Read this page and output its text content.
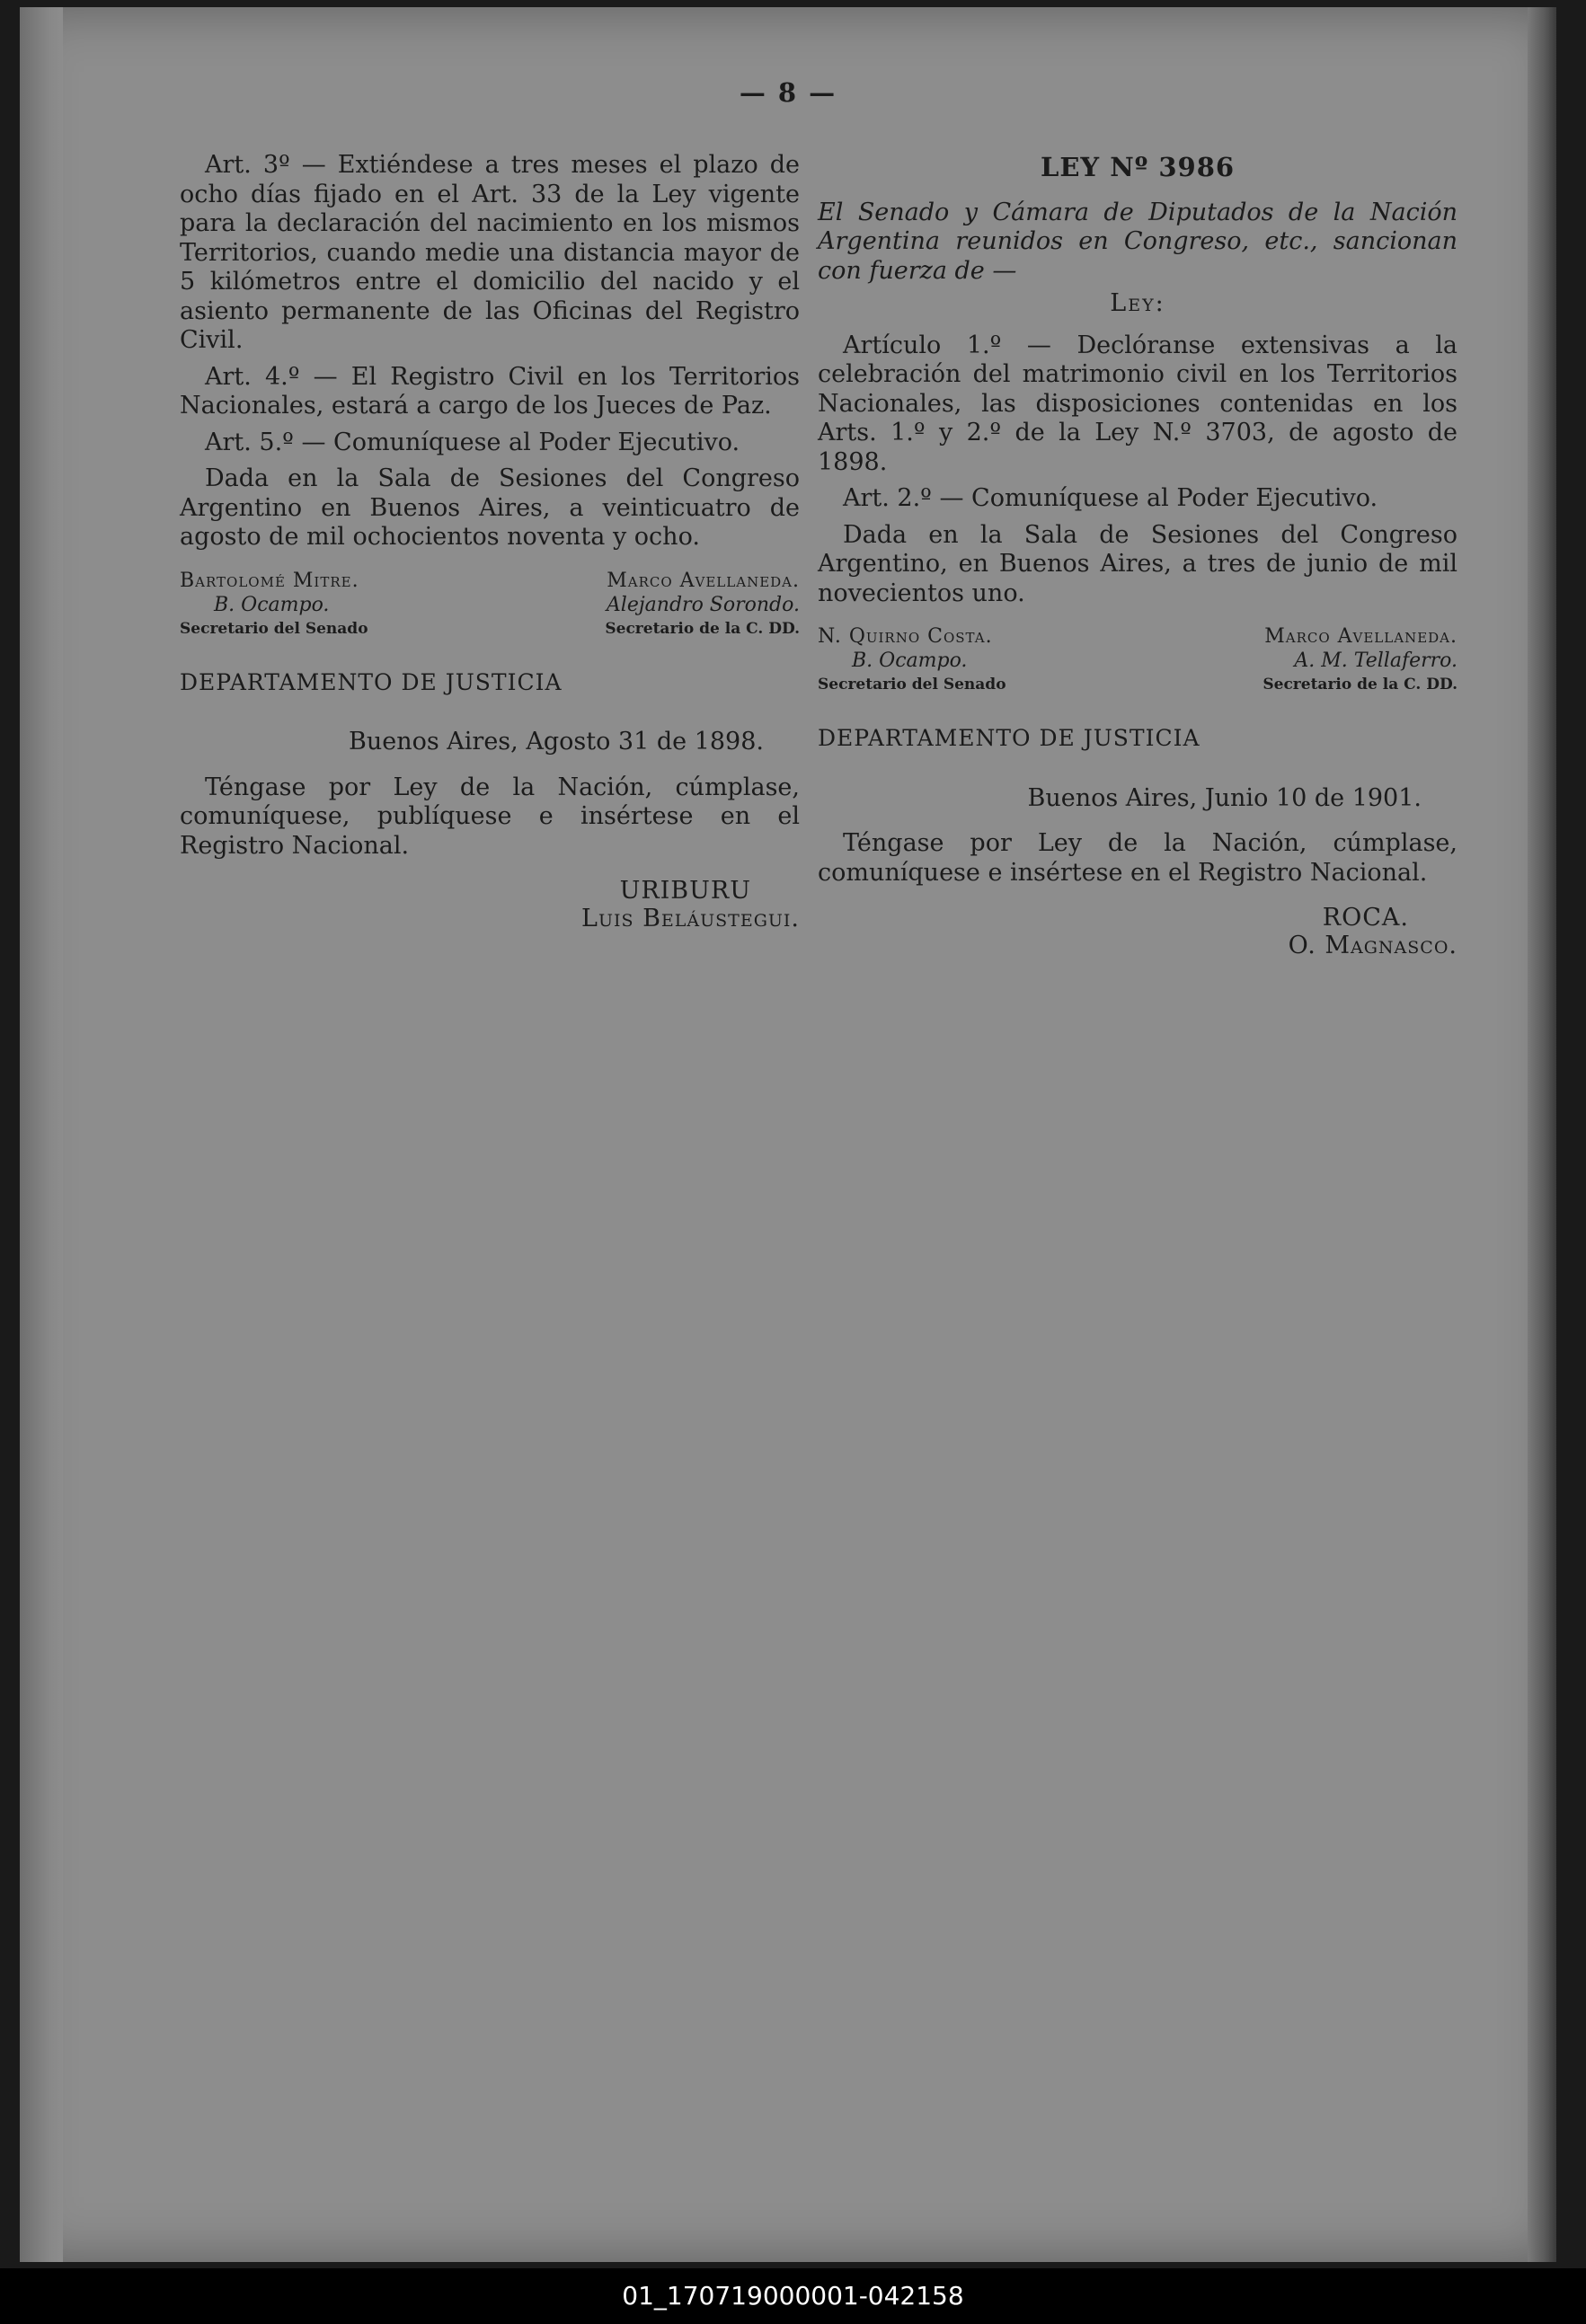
— 8 —

Art. 3º — Extiéndese a tres meses el plazo de ocho días fijado en el Art. 33 de la Ley vigente para la declaración del nacimiento en los mismos Territorios, cuando medie una distancia mayor de 5 kilómetros entre el domicilio del nacido y el asiento permanente de las Oficinas del Registro Civil.

Art. 4.º — El Registro Civil en los Territorios Nacionales, estará a cargo de los Jueces de Paz.

Art. 5.º — Comuníquese al Poder Ejecutivo.

Dada en la Sala de Sesiones del Congreso Argentino en Buenos Aires, a veinticuatro de agosto de mil ochocientos noventa y ocho.

Bartolomé Mitre.
B. Ocampo.
Secretario del Senado
Marco Avellaneda.
Alejandro Sorondo.
Secretario de la C. DD.

DEPARTAMENTO DE JUSTICIA

Buenos Aires, Agosto 31 de 1898.

Téngase por Ley de la Nación, cúmplase, comuníquese, publíquese e insértese en el Registro Nacional.

URIBURU
Luis Beláustegui.
LEY Nº 3986

El Senado y Cámara de Diputados de la Nación Argentina reunidos en Congreso, etc., sancionan con fuerza de —

Ley:

Artículo 1.º — Declóranse extensivas a la celebración del matrimonio civil en los Territorios Nacionales, las disposiciones contenidas en los Arts. 1.º y 2.º de la Ley N.º 3703, de agosto de 1898.

Art. 2.º — Comuníquese al Poder Ejecutivo.

Dada en la Sala de Sesiones del Congreso Argentino, en Buenos Aires, a tres de junio de mil novecientos uno.

N. Quirno Costa.
B. Ocampo.
Secretario del Senado
Marco Avellaneda.
A. M. Tellaferro.
Secretario de la C. DD.

DEPARTAMENTO DE JUSTICIA

Buenos Aires, Junio 10 de 1901.

Téngase por Ley de la Nación, cúmplase, comuníquese e insértese en el Registro Nacional.

ROCA.
O. Magnasco.
01_170719000001-042158
